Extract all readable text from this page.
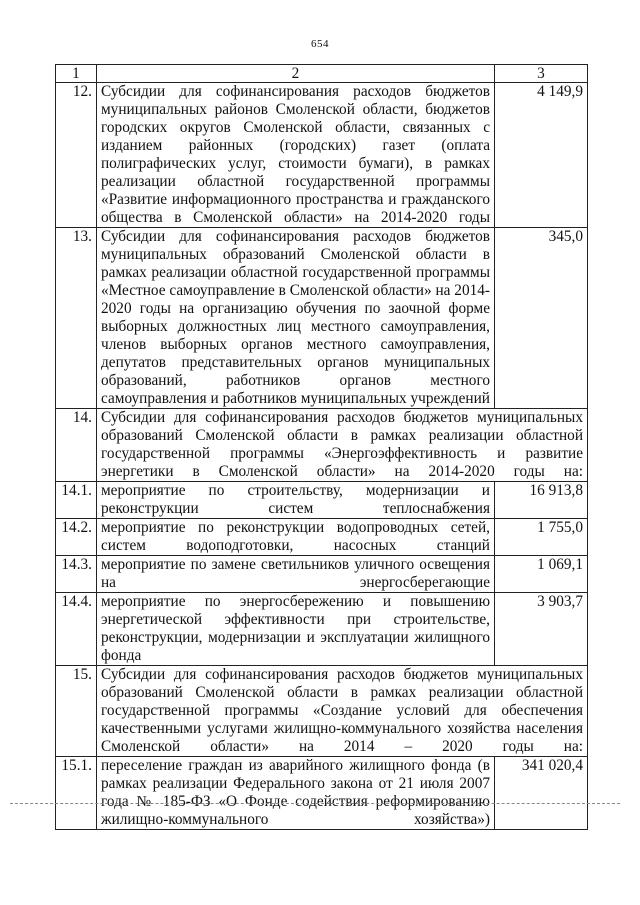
654
1	2	3
12.	Субсидии для софинансирования расходов бюджетов муниципальных районов Смоленской области, бюджетов городских округов Смоленской области, связанных с изданием районных (городских) газет (оплата полиграфических услуг, стоимости бумаги), в рамках реализации областной государственной программы «Развитие информационного пространства и гражданского общества в Смоленской области» на 2014-2020 годы	4 149,9
13.	Субсидии для софинансирования расходов бюджетов муниципальных образований Смоленской области в рамках реализации областной государственной программы «Местное самоуправление в Смоленской области» на 2014-2020 годы на организацию обучения по заочной форме выборных должностных лиц местного самоуправления, членов выборных органов местного самоуправления, депутатов представительных органов муниципальных образований, работников органов местного самоуправления и работников муниципальных учреждений	345,0
14.	Субсидии для софинансирования расходов бюджетов муниципальных образований Смоленской области в рамках реализации областной государственной программы «Энергоэффективность и развитие энергетики в Смоленской области» на 2014-2020 годы на:	
14.1.	мероприятие по строительству, модернизации и реконструкции систем теплоснабжения	16 913,8
14.2.	мероприятие по реконструкции водопроводных сетей, систем водоподготовки, насосных станций	1 755,0
14.3.	мероприятие по замене светильников уличного освещения на энергосберегающие	1 069,1
14.4.	мероприятие по энергосбережению и повышению энергетической эффективности при строительстве, реконструкции, модернизации и эксплуатации жилищного фонда	3 903,7
15.	Субсидии для софинансирования расходов бюджетов муниципальных образований Смоленской области в рамках реализации областной государственной программы «Создание условий для обеспечения качественными услугами жилищно-коммунального хозяйства населения Смоленской области» на 2014 – 2020 годы на:	
15.1.	переселение граждан из аварийного жилищного фонда (в рамках реализации Федерального закона от 21 июля 2007 года № 185-ФЗ «О Фонде содействия реформированию жилищно-коммунального хозяйства»)	341 020,4
